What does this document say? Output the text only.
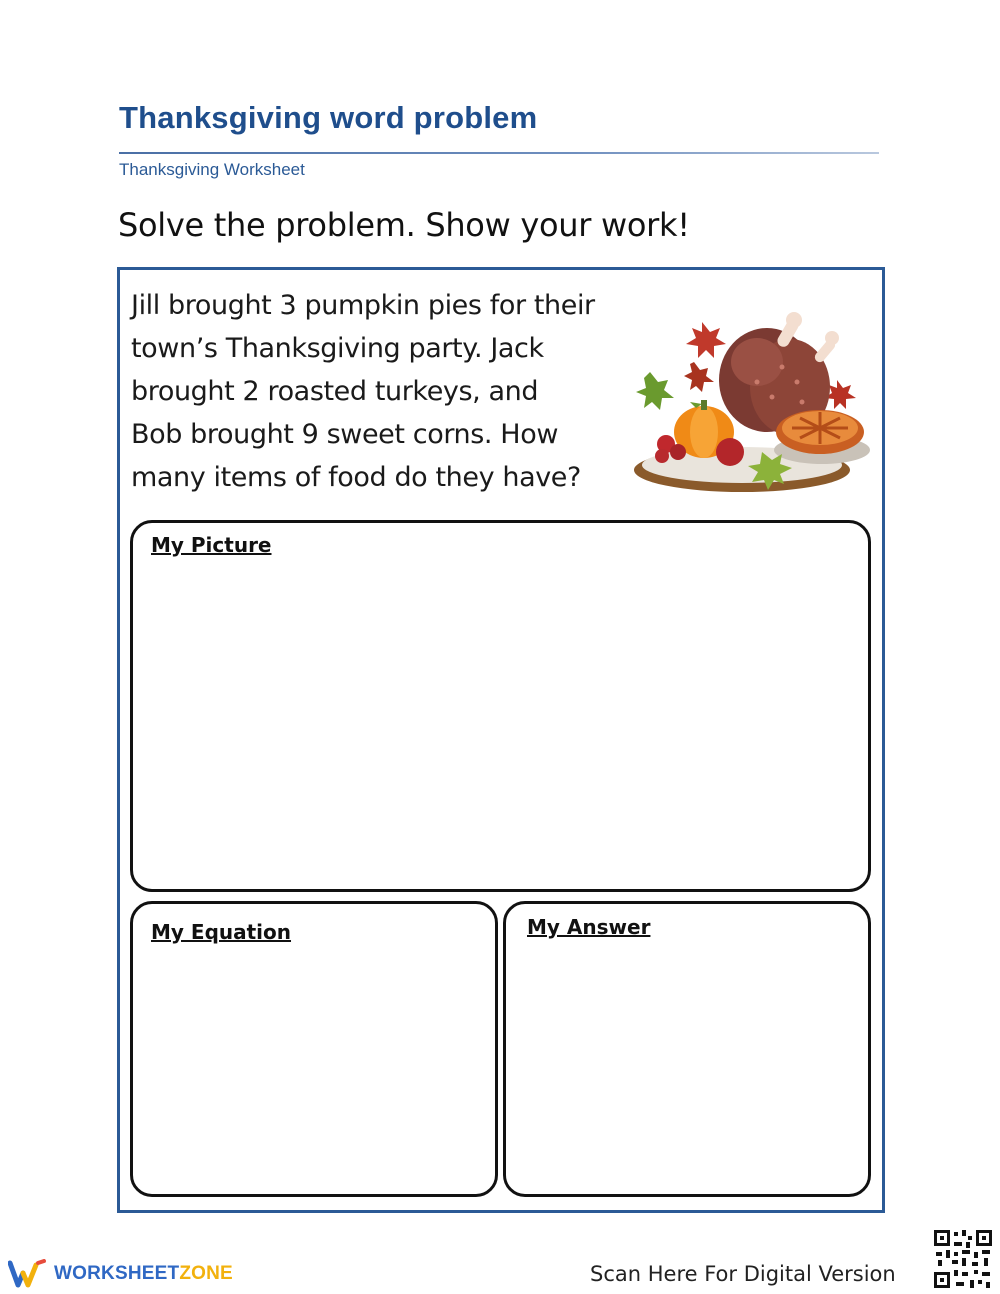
Thanksgiving word problem
Thanksgiving Worksheet
Solve the problem. Show your work!
Jill brought 3 pumpkin pies for their
town’s Thanksgiving party. Jack
brought 2 roasted turkeys, and
Bob brought 9 sweet corns. How
many items of food do they have?
My Picture
My Equation	My Answer
WORKSHEETZONE	Scan Here For Digital Version
